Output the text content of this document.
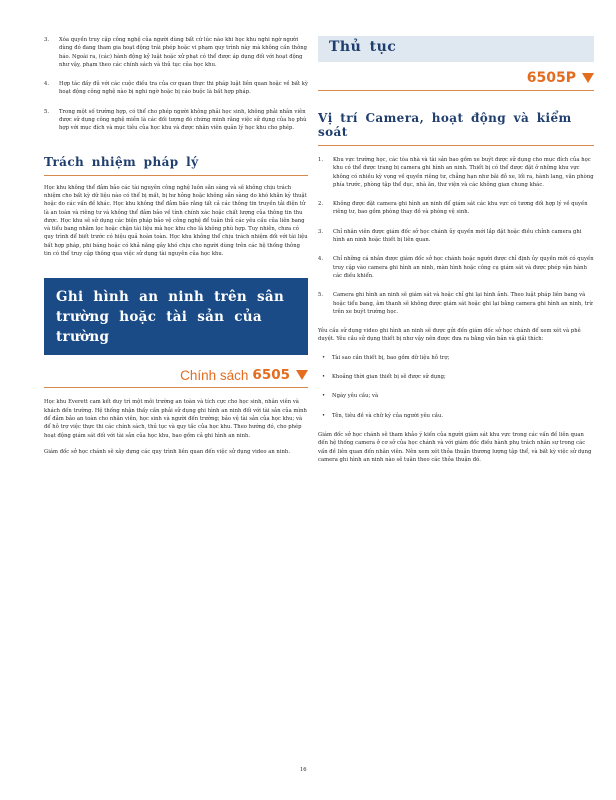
3. Xóa quyền truy cập công nghệ của người dùng bất cứ lúc nào khi học khu nghi ngờ người dùng đó đang tham gia hoạt động trái phép hoặc vi phạm quy trình này mà không cần thông báo. Ngoài ra, (các) hành động kỷ luật hoặc xử phạt có thể được áp dụng đối với hoạt động như vậy, phạm theo các chính sách và thủ tục của học khu.
4. Hợp tác đầy đủ với các cuộc điều tra của cơ quan thực thi pháp luật liên quan hoặc về bất kỳ hoạt động công nghệ nào bị nghi ngờ hoặc bị cáo buộc là bất hợp pháp.
5. Trong một số trường hợp, có thể cho phép người không phải học sinh, không phải nhân viên được sử dụng công nghệ miễn là các đối tượng đó chứng minh rằng việc sử dụng của họ phù hợp với mục đích và mục tiêu của học khu và được nhân viên quản lý học khu cho phép.
Trách nhiệm pháp lý

Học khu không thể đảm bảo các tài nguyên công nghệ luôn sẵn sàng và sẽ không chịu trách nhiệm cho bất kỳ dữ liệu nào có thể bị mất, bị hư hỏng hoặc không sẵn sàng do khó khăn kỹ thuật hoặc do các vấn đề khác. Học khu không thể đảm bảo rằng tất cả các thông tin truyền tải điện tử là an toàn và riêng tư và không thể đảm bảo về tính chính xác hoặc chất lượng của thông tin thu được. Học khu sẽ sử dụng các biện pháp bảo vệ công nghệ để tuân thủ các yêu cầu của liên bang và tiểu bang nhằm lọc hoặc chặn tài liệu mà học khu cho là không phù hợp. Tuy nhiên, chưa có quy trình để biết trước có hiệu quả hoàn toàn. Học khu không thể chịu trách nhiệm đối với tài liệu bất hợp pháp, phi báng hoặc có khả năng gây khó chịu cho người dùng trên các hệ thống thông tin có thể truy cập thông qua việc sử dụng tài nguyên của học khu.

Ghi hình an ninh trên sân trường hoặc tài sản của trường
Chính sách 6505

Học khu Everett cam kết duy trì một môi trường an toàn và tích cực cho học sinh, nhân viên và khách đến trường. Hệ thống nhận thấy cần phải sử dụng ghi hình an ninh đối với tài sản của mình để đảm bảo an toàn cho nhân viên, học sinh và người đến trường; bảo vệ tài sản của học khu; và để hỗ trợ việc thực thi các chính sách, thủ tục và quy tắc của học khu. Theo hướng đó, cho phép hoạt động giám sát đối với tài sản của học khu, bao gồm cả ghi hình an ninh.

Giám đốc sở học chánh sẽ xây dựng các quy trình liên quan đến việc sử dụng video an ninh.

Thủ tục
6505P
Vị trí Camera, hoạt động và kiểm soát
1. Khu vực trường học, các tòa nhà và tài sản bao gồm xe buýt được sử dụng cho mục đích của học khu có thể được trang bị camera ghi hình an ninh. Thiết bị có thể được đặt ở những khu vực không có nhiều kỳ vọng về quyền riêng tư, chẳng hạn như bãi đỗ xe, lối ra, hành lang, văn phòng phía trước, phòng tập thể dục, nhà ăn, thư viện và các không gian chung khác.
2. Không được đặt camera ghi hình an ninh để giám sát các khu vực có tương đối hợp lý về quyền riêng tư, bao gồm phòng thay đồ và phòng vệ sinh.
3. Chỉ nhân viên được giám đốc sở học chánh ủy quyền mới lắp đặt hoặc điều chỉnh camera ghi hình an ninh hoặc thiết bị liên quan.
4. Chỉ những cá nhân được giám đốc sở học chánh hoặc người được chỉ định ủy quyền mới có quyền truy cập vào camera ghi hình an ninh, màn hình hoặc công cụ giám sát và được phép vận hành các điều khiển.
5. Camera ghi hình an ninh sẽ giám sát và hoặc chỉ ghi lại hình ảnh. Theo luật pháp liên bang và hoặc tiểu bang, âm thanh sẽ không được giám sát hoặc ghi lại bằng camera ghi hình an ninh, trừ trên xe buýt trường học.

Yêu cầu sử dụng video ghi hình an ninh sẽ được gửi đến giám đốc sở học chánh để xem xét và phê duyệt. Yêu cầu sử dụng thiết bị như vậy nên được đưa ra bằng văn bản và giải thích:

• Tài sao cần thiết bị, bao gồm dữ liệu hỗ trợ;
• Khoảng thời gian thiết bị sẽ được sử dụng;
• Ngày yêu cầu; và
• Tên, tiêu đề và chữ ký của người yêu cầu.

Giám đốc sở học chánh sẽ tham khảo ý kiến của người giám sát khu vực trong các vấn đề liên quan đến hệ thống camera ở cơ sở của học chánh và với giám đốc điều hành phụ trách nhân sự trong các vấn đề liên quan đến nhân viên. Nên xem xét thỏa thuận thương lượng tập thể, và bất kỳ việc sử dụng camera ghi hình an ninh nào sẽ tuân theo các thỏa thuận đó.

16
